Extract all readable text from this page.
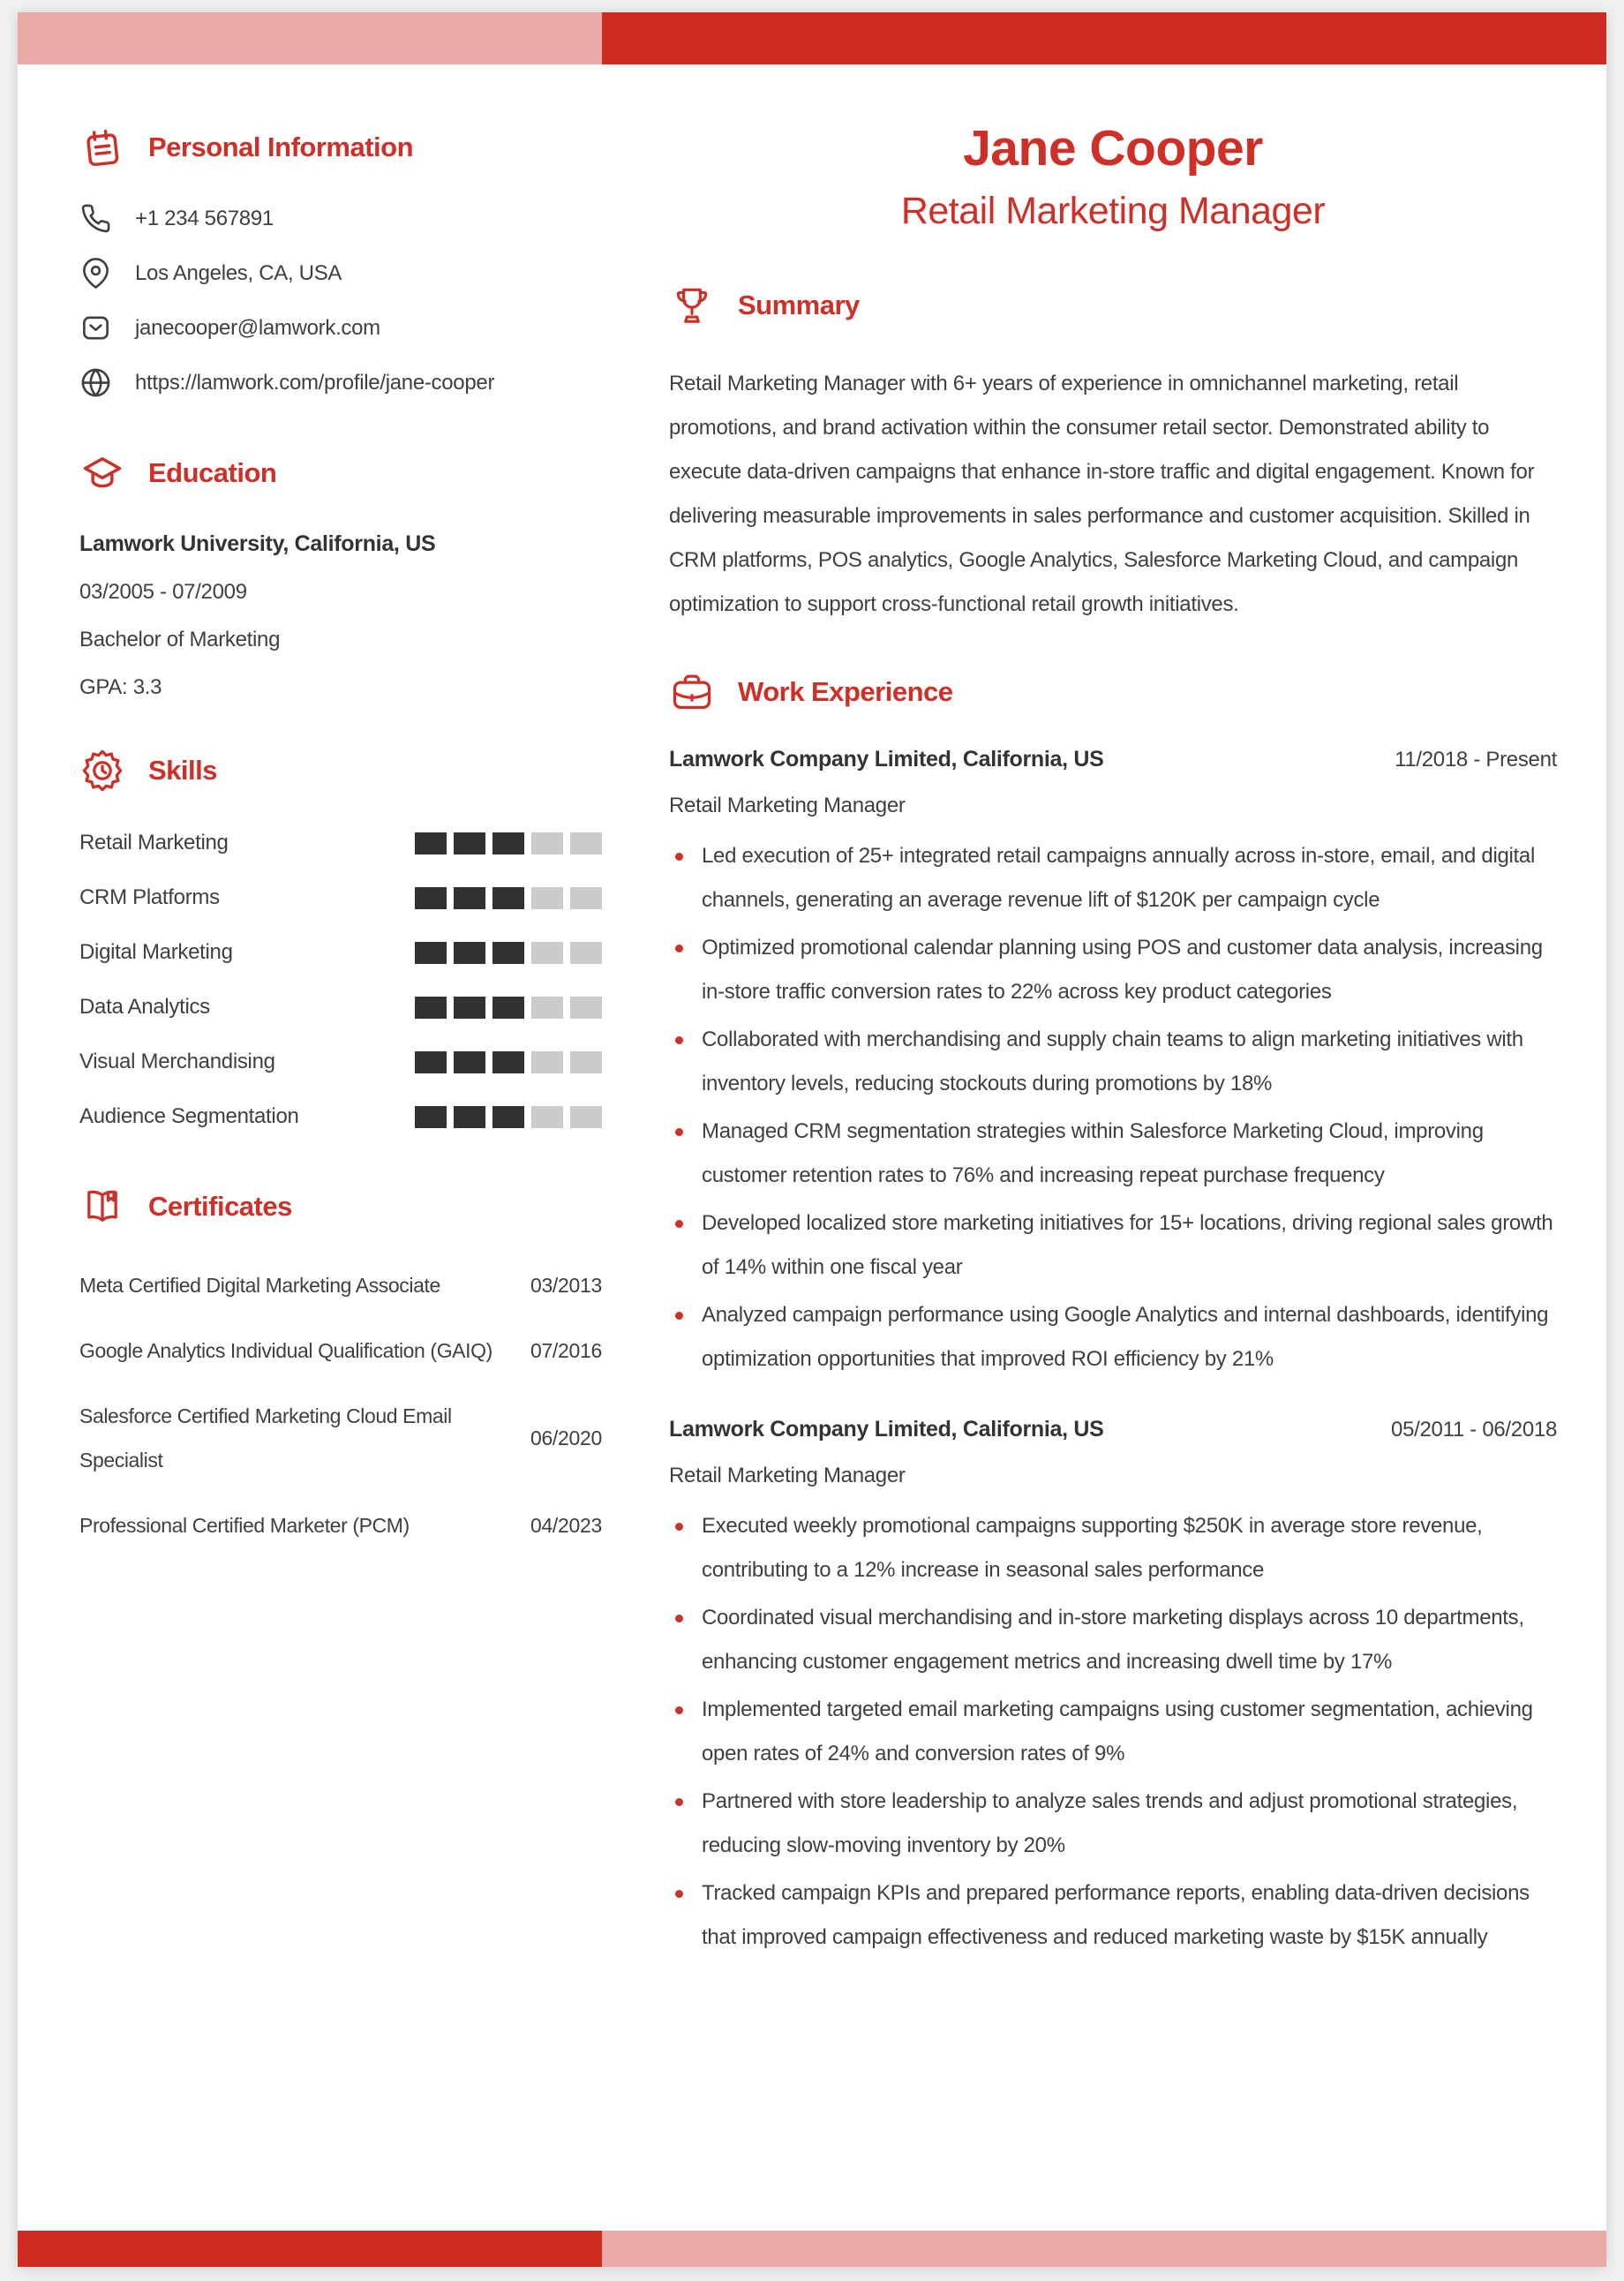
Personal Information
+1 234 567891
Los Angeles, CA, USA
janecooper@lamwork.com
https://lamwork.com/profile/jane-cooper
Education
Lamwork University, California, US
03/2005 - 07/2009
Bachelor of Marketing
GPA: 3.3
Skills
Retail Marketing
CRM Platforms
Digital Marketing
Data Analytics
Visual Merchandising
Audience Segmentation
Certificates
Meta Certified Digital Marketing Associate	03/2013
Google Analytics Individual Qualification (GAIQ) 07/2016
Salesforce Certified Marketing Cloud Email Specialist
06/2020
Professional Certified Marketer (PCM)	04/2023
Jane Cooper
Retail Marketing Manager
Summary

Retail Marketing Manager with 6+ years of experience in omnichannel marketing, retail promotions, and brand activation within the consumer retail sector. Demonstrated ability to execute data-driven campaigns that enhance in-store traffic and digital engagement. Known for delivering measurable improvements in sales performance and customer acquisition. Skilled in CRM platforms, POS analytics, Google Analytics, Salesforce Marketing Cloud, and campaign optimization to support cross-functional retail growth initiatives.

Work Experience
Lamwork Company Limited, California, US	11/2018 - Present
Retail Marketing Manager
Led execution of 25+ integrated retail campaigns annually across in-store, email, and digital channels, generating an average revenue lift of $120K per campaign cycle
Optimized promotional calendar planning using POS and customer data analysis, increasing in-store traffic conversion rates to 22% across key product categories
Collaborated with merchandising and supply chain teams to align marketing initiatives with inventory levels, reducing stockouts during promotions by 18%
Managed CRM segmentation strategies within Salesforce Marketing Cloud, improving customer retention rates to 76% and increasing repeat purchase frequency
Developed localized store marketing initiatives for 15+ locations, driving regional sales growth of 14% within one fiscal year
Analyzed campaign performance using Google Analytics and internal dashboards, identifying optimization opportunities that improved ROI efficiency by 21%
Lamwork Company Limited, California, US	05/2011 - 06/2018
Retail Marketing Manager
Executed weekly promotional campaigns supporting $250K in average store revenue, contributing to a 12% increase in seasonal sales performance
Coordinated visual merchandising and in-store marketing displays across 10 departments, enhancing customer engagement metrics and increasing dwell time by 17%
Implemented targeted email marketing campaigns using customer segmentation, achieving open rates of 24% and conversion rates of 9%
Partnered with store leadership to analyze sales trends and adjust promotional strategies, reducing slow-moving inventory by 20%
Tracked campaign KPIs and prepared performance reports, enabling data-driven decisions that improved campaign effectiveness and reduced marketing waste by $15K annually
